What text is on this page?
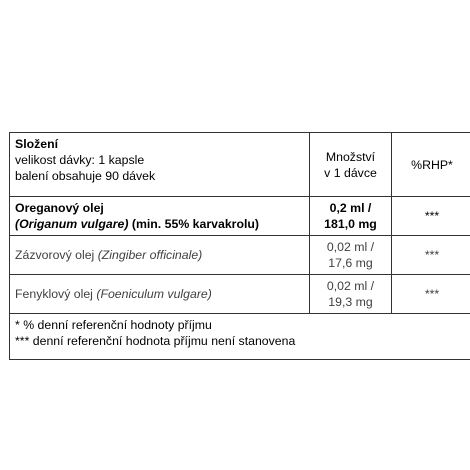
Složení
velikost dávky: 1 kapsle
balení obsahuje 90 dávek	Množství
v 1 dávce	%RHP*

Oreganový olej
(Origanum vulgare) (min. 55% karvakrolu)	0,2 ml /
181,0 mg	***
Zázvorový olej (Zingiber officinale)	0,02 ml /
17,6 mg	***
Fenyklový olej (Foeniculum vulgare)	0,02 ml /
19,3 mg	***

* % denní referenční hodnoty příjmu
*** denní referenční hodnota příjmu není stanovena		
